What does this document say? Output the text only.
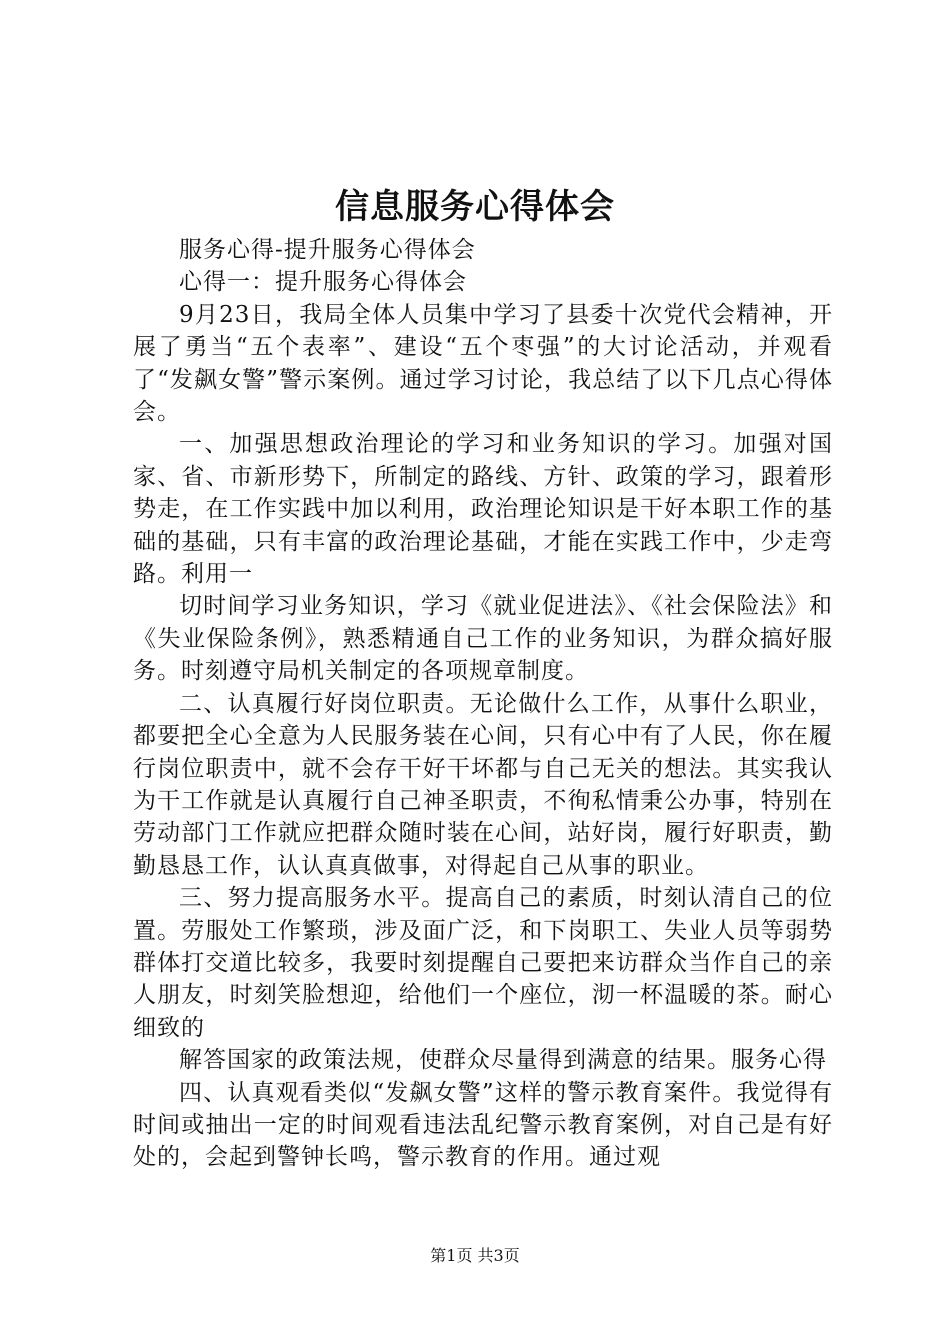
信息服务心得体会

服务心得-提升服务心得体会

心得一：提升服务心得体会

9月23日，我局全体人员集中学习了县委十次党代会精神，开展了勇当“五个表率”、建设“五个枣强”的大讨论活动，并观看了“发飙女警”警示案例。通过学习讨论，我总结了以下几点心得体会。

一、加强思想政治理论的学习和业务知识的学习。加强对国家、省、市新形势下，所制定的路线、方针、政策的学习，跟着形势走，在工作实践中加以利用，政治理论知识是干好本职工作的基础的基础，只有丰富的政治理论基础，才能在实践工作中，少走弯路。利用一

切时间学习业务知识，学习《就业促进法》、《社会保险法》和《失业保险条例》，熟悉精通自己工作的业务知识，为群众搞好服务。时刻遵守局机关制定的各项规章制度。

二、认真履行好岗位职责。无论做什么工作，从事什么职业，都要把全心全意为人民服务装在心间，只有心中有了人民，你在履行岗位职责中，就不会存干好干坏都与自己无关的想法。其实我认为干工作就是认真履行自己神圣职责，不徇私情秉公办事，特别在劳动部门工作就应把群众随时装在心间，站好岗，履行好职责，勤勤恳恳工作，认认真真做事，对得起自己从事的职业。

三、努力提高服务水平。提高自己的素质，时刻认清自己的位置。劳服处工作繁琐，涉及面广泛，和下岗职工、失业人员等弱势群体打交道比较多，我要时刻提醒自己要把来访群众当作自己的亲人朋友，时刻笑脸想迎，给他们一个座位，沏一杯温暖的茶。耐心细致的

解答国家的政策法规，使群众尽量得到满意的结果。服务心得

四、认真观看类似“发飙女警”这样的警示教育案件。我觉得有时间或抽出一定的时间观看违法乱纪警示教育案例，对自己是有好处的，会起到警钟长鸣，警示教育的作用。通过观

第1页 共3页
